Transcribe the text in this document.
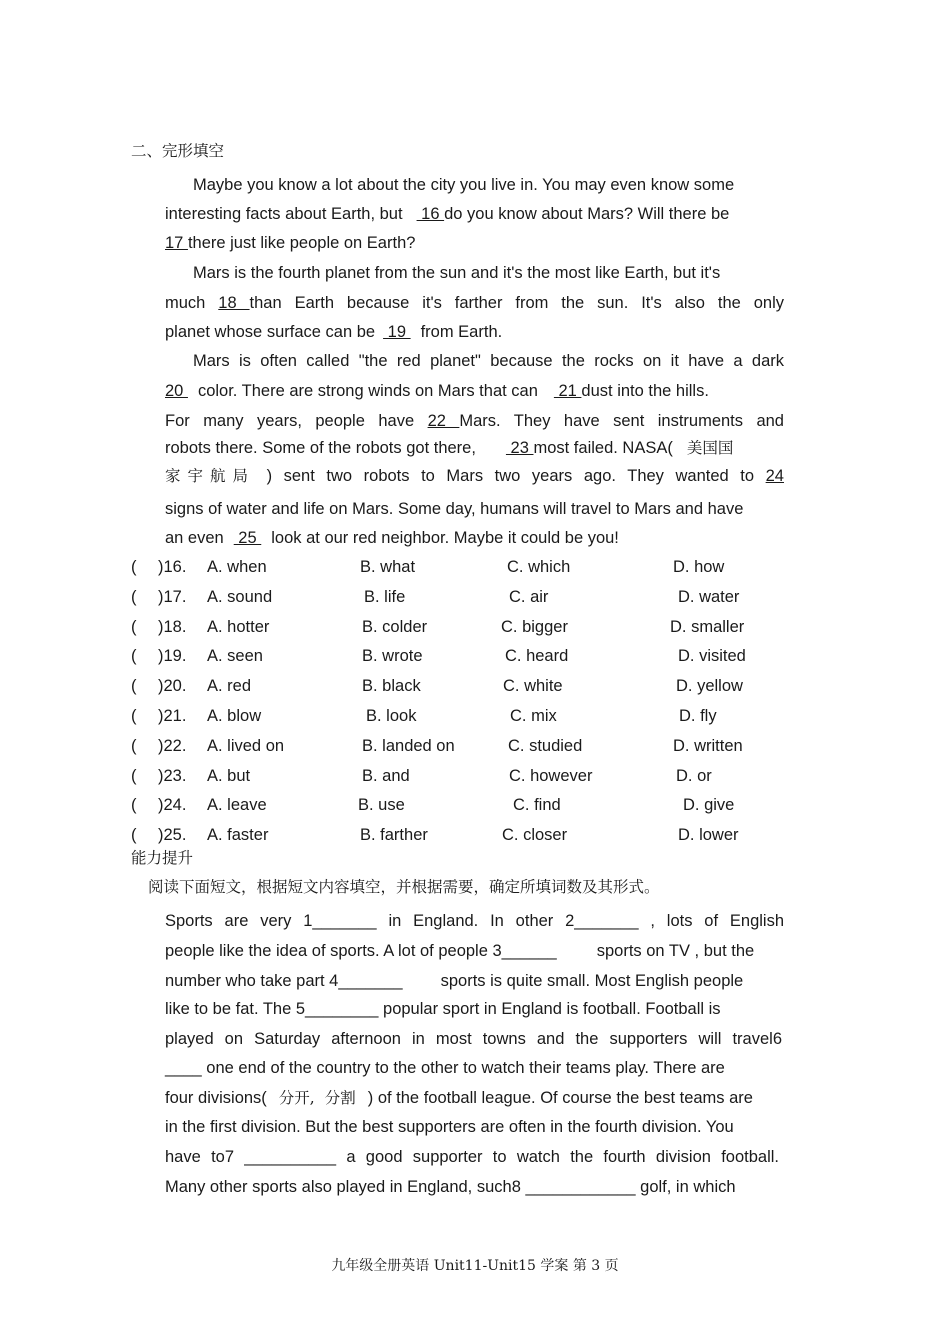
二、完形填空
Maybe you know a lot about the city you live in. You may even know some
interesting facts about Earth, but 16 do you know about Mars? Will there be
17 there just like people on Earth?
Mars is the fourth planet from the sun and it's the most like Earth, but it's
much 18 than Earth because it's farther from the sun. It's also the only
planet whose surface can be 19 from Earth.
Mars is often called "the red planet" because the rocks on it have a dark
20 color. There are strong winds on Mars that can 21 dust into the hills.
For many years, people have 22 Mars. They have sent instruments and
robots there. Some of the robots got there, 23 most failed. NASA( 美国国
家宇航局 ) sent two robots to Mars two years ago. They wanted to 24
signs of water and life on Mars. Some day, humans will travel to Mars and have
an even 25 look at our red neighbor. Maybe it could be you!
( )16. A. when	B. what	C. which	D. how
( )17. A. sound	B. life	C. air	D. water
( )18. A. hotter	B. colder	C. bigger	D. smaller
( )19. A. seen	B. wrote	C. heard	D. visited
( )20. A. red	B. black	C. white	D. yellow
( )21. A. blow	B. look	C. mix	D. fly
( )22. A. lived on	B. landed on	C. studied	D. written
( )23. A. but	B. and	C. however	D. or
( )24. A. leave	B. use	C. find	D. give
( )25. A. faster	B. farther	C. closer	D. lower
能力提升
阅读下面短文，根据短文内容填空，并根据需要，确定所填词数及其形式。
Sports are very 1_______ in England. In other 2_______ , lots of English
people like the idea of sports. A lot of people 3______ sports on TV , but the
number who take part 4_______ sports is quite small. Most English people
like to be fat. The 5________ popular sport in England is football. Football is
played on Saturday afternoon in most towns and the supporters will travel6
____ one end of the country to the other to watch their teams play. There are
four divisions( 分开, 分割 ) of the football league. Of course the best teams are
in the first division. But the best supporters are often in the fourth division. You
have to7 __________ a good supporter to watch the fourth division football.
Many other sports also played in England, such8 ____________ golf, in which
九年级全册英语 Unit11-Unit15 学案 第 3 页
